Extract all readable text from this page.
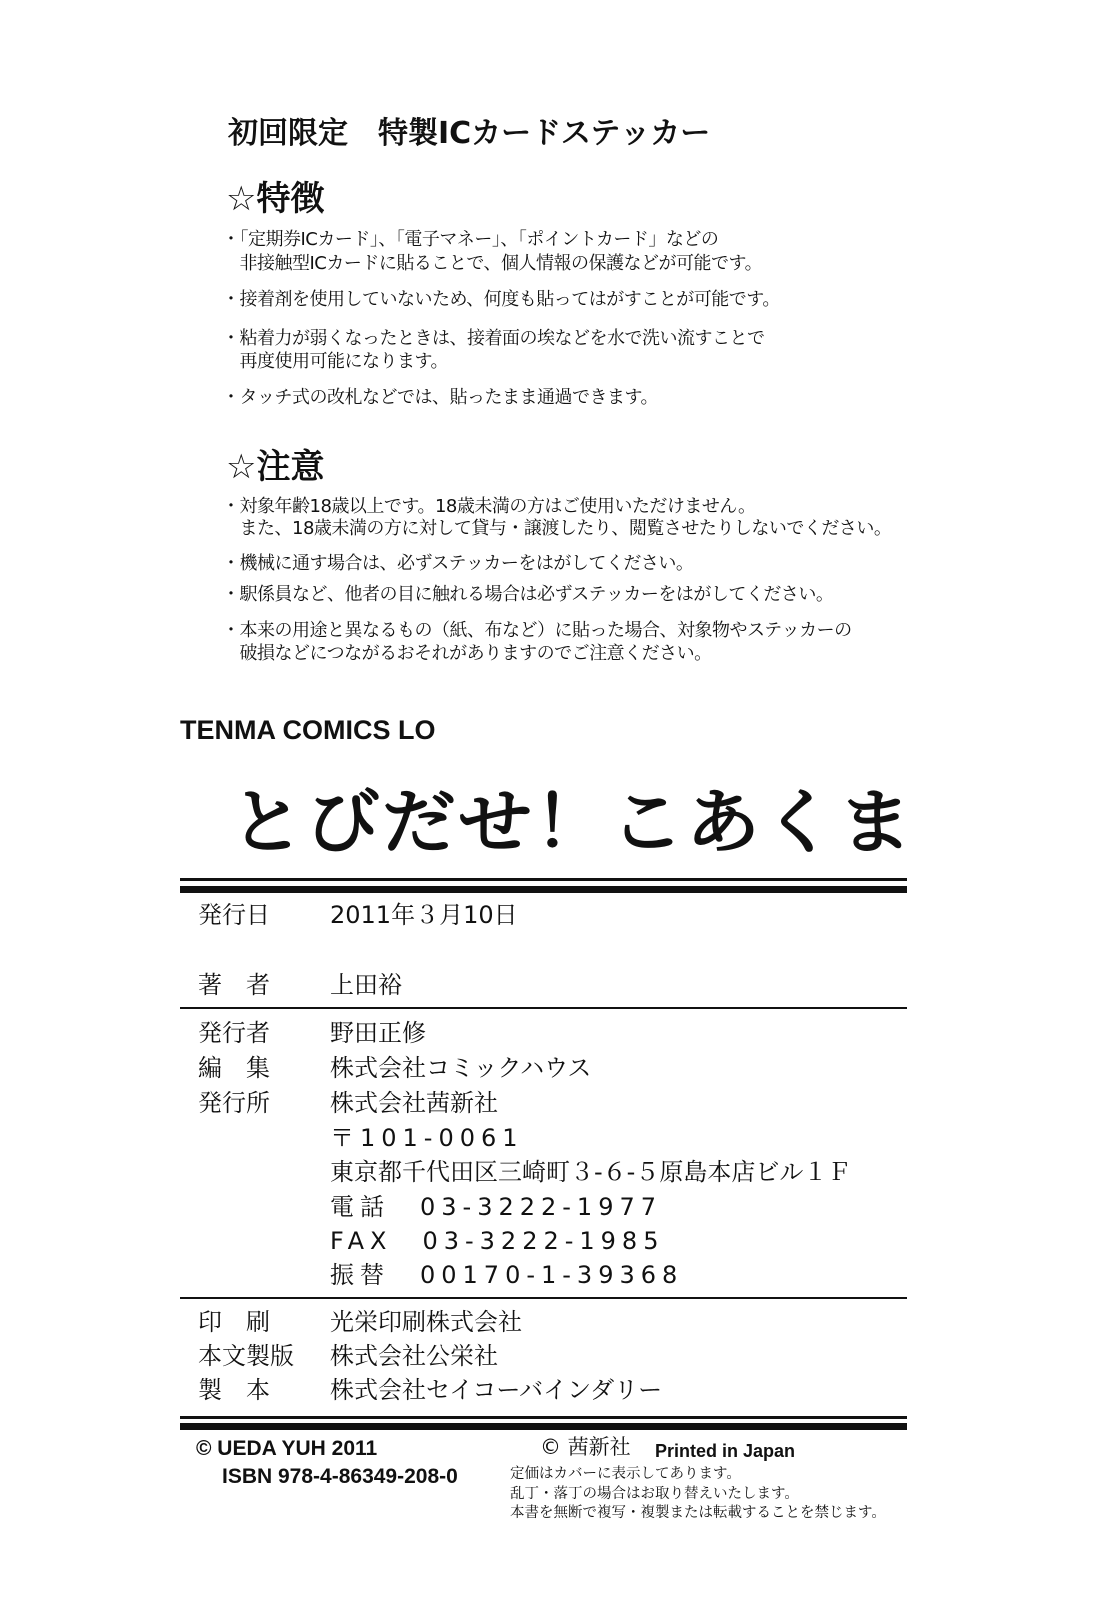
初回限定　特製ICカードステッカー
☆特徴
・「定期券ICカード」、「電子マネー」、「ポイントカード」などの
　非接触型ICカードに貼ることで、個人情報の保護などが可能です。
・接着剤を使用していないため、何度も貼ってはがすことが可能です。
・粘着力が弱くなったときは、接着面の埃などを水で洗い流すことで
　再度使用可能になります。
・タッチ式の改札などでは、貼ったまま通過できます。
☆注意
・対象年齢18歳以上です。18歳未満の方はご使用いただけません。
　また、18歳未満の方に対して貸与・譲渡したり、閲覧させたりしないでください。
・機械に通す場合は、必ずステッカーをはがしてください。
・駅係員など、他者の目に触れる場合は必ずステッカーをはがしてください。
・本来の用途と異なるもの（紙、布など）に貼った場合、対象物やステッカーの
　破損などにつながるおそれがありますのでご注意ください。
TENMA COMICS LO
とびだせ！こあくま
発行日	2011年３月10日
著　者	上田裕
発行者	野田正修
編　集	株式会社コミックハウス
発行所	株式会社茜新社
〒101-0061
東京都千代田区三崎町３-６-５原島本店ビル１Ｆ
電話　03-3222-1977
FAX　03-3222-1985
振替　00170-1-39368
印　刷	光栄印刷株式会社
本文製版 株式会社公栄社
製　本	株式会社セイコーバインダリー
© UEDA YUH 2011
ISBN 978-4-86349-208-0
© 茜新社 Printed in Japan
定価はカバーに表示してあります。
乱丁・落丁の場合はお取り替えいたします。
本書を無断で複写・複製または転載することを禁じます。
